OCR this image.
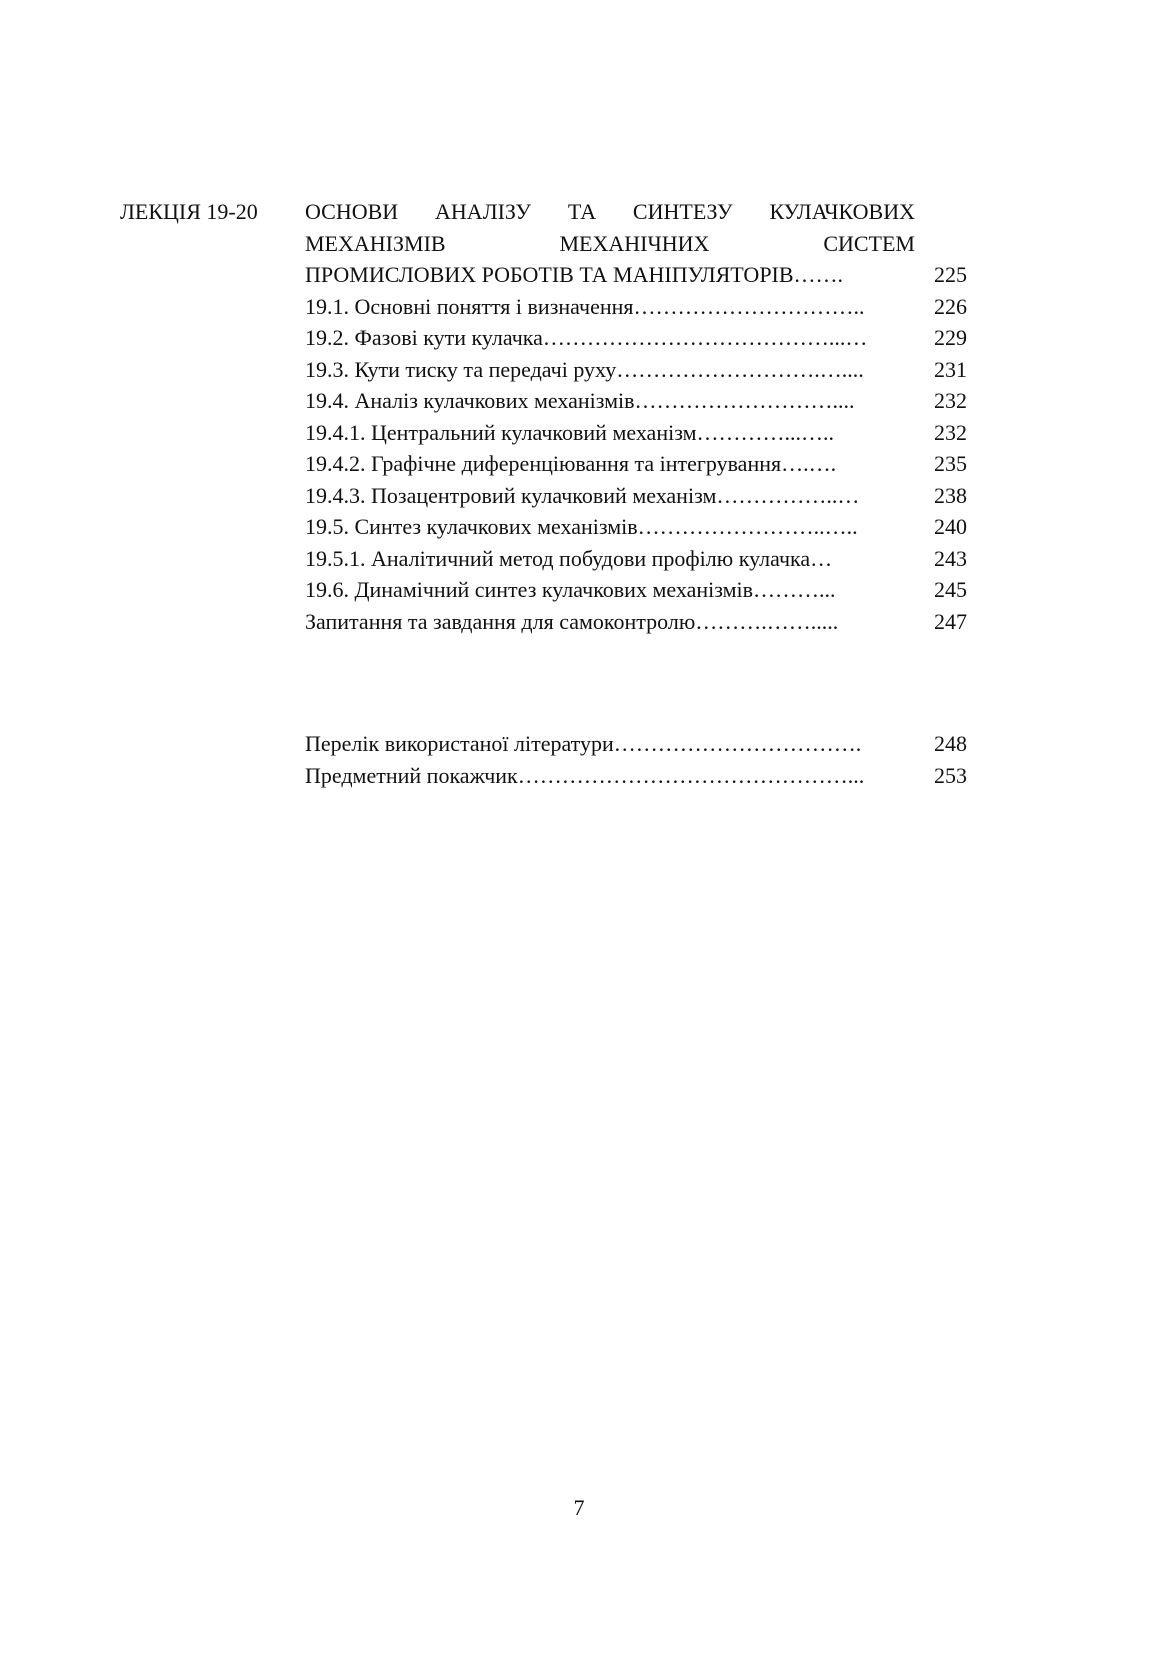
ЛЕКЦІЯ 19-20	ОСНОВИ АНАЛІЗУ ТА СИНТЕЗУ КУЛАЧКОВИХ
МЕХАНІЗМІВ МЕХАНІЧНИХ СИСТЕМ
ПРОМИСЛОВИХ РОБОТІВ ТА МАНІПУЛЯТОРІВ…….	225
19.1. Основні поняття і визначення…………………………..	226
19.2. Фазові кути кулачка…………………………………...…	229
19.3. Кути тиску та передачі руху……………………….…....	231
19.4. Аналіз кулачкових механізмів………………………....	232
19.4.1. Центральний кулачковий механізм…………...…..	232
19.4.2. Графічне диференціювання та інтегрування….….	235
19.4.3. Позацентровий кулачковий механізм……………..…	238
19.5. Синтез кулачкових механізмів……………………..…..	240
19.5.1. Аналітичний метод побудови профілю кулачка…	243
19.6. Динамічний синтез кулачкових механізмів………...	245
Запитання та завдання для самоконтролю……….…….....	247
Перелік використаної літератури…………………………….	248
Предметний покажчик………………………………………...	253
7
